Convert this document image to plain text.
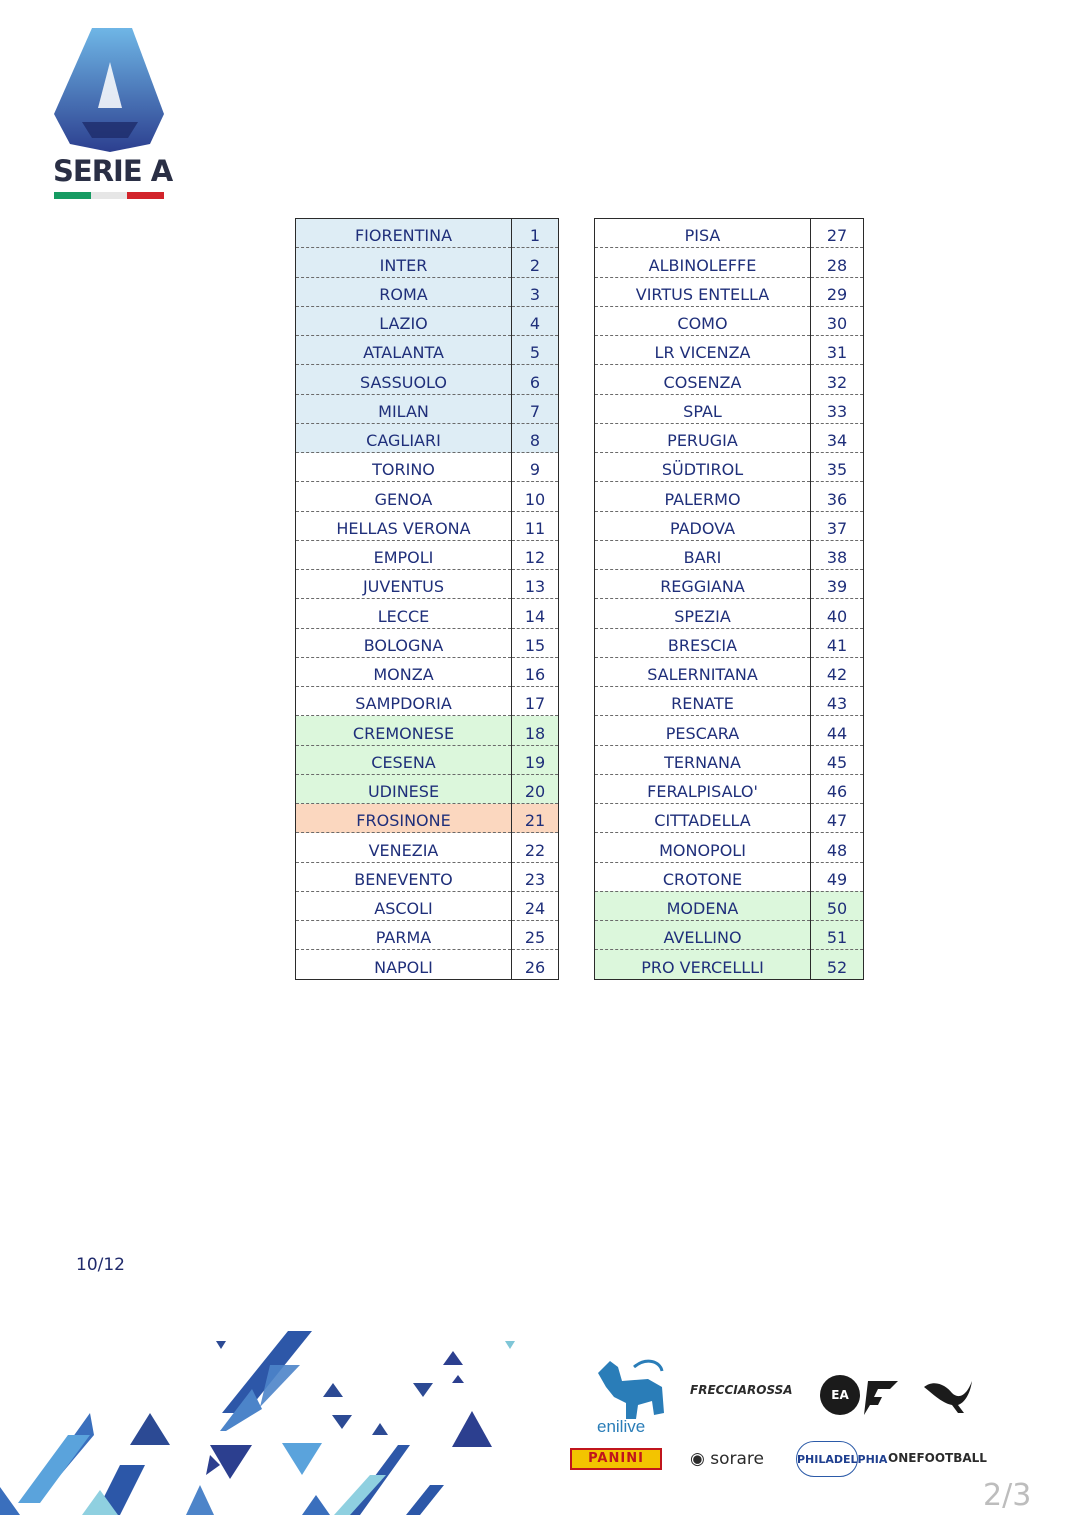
SERIE A
FIORENTINA	1
INTER	2
ROMA	3
LAZIO	4
ATALANTA	5
SASSUOLO	6
MILAN	7
CAGLIARI	8
TORINO	9
GENOA	10
HELLAS VERONA	11
EMPOLI	12
JUVENTUS	13
LECCE	14
BOLOGNA	15
MONZA	16
SAMPDORIA	17
CREMONESE	18
CESENA	19
UDINESE	20
FROSINONE	21
VENEZIA	22
BENEVENTO	23
ASCOLI	24
PARMA	25
NAPOLI	26
PISA	27
ALBINOLEFFE	28
VIRTUS ENTELLA	29
COMO	30
LR VICENZA	31
COSENZA	32
SPAL	33
PERUGIA	34
SÜDTIROL	35
PALERMO	36
PADOVA	37
BARI	38
REGGIANA	39
SPEZIA	40
BRESCIA	41
SALERNITANA	42
RENATE	43
PESCARA	44
TERNANA	45
FERALPISALO'	46
CITTADELLA	47
MONOPOLI	48
CROTONE	49
MODENA	50
AVELLINO	51
PRO VERCELLLI	52
10/12
enilive
FRECCIAROSSA	EA
PANINI	◉ sorare	PHILADELPHIA ONEFOOTBALL
2/3
